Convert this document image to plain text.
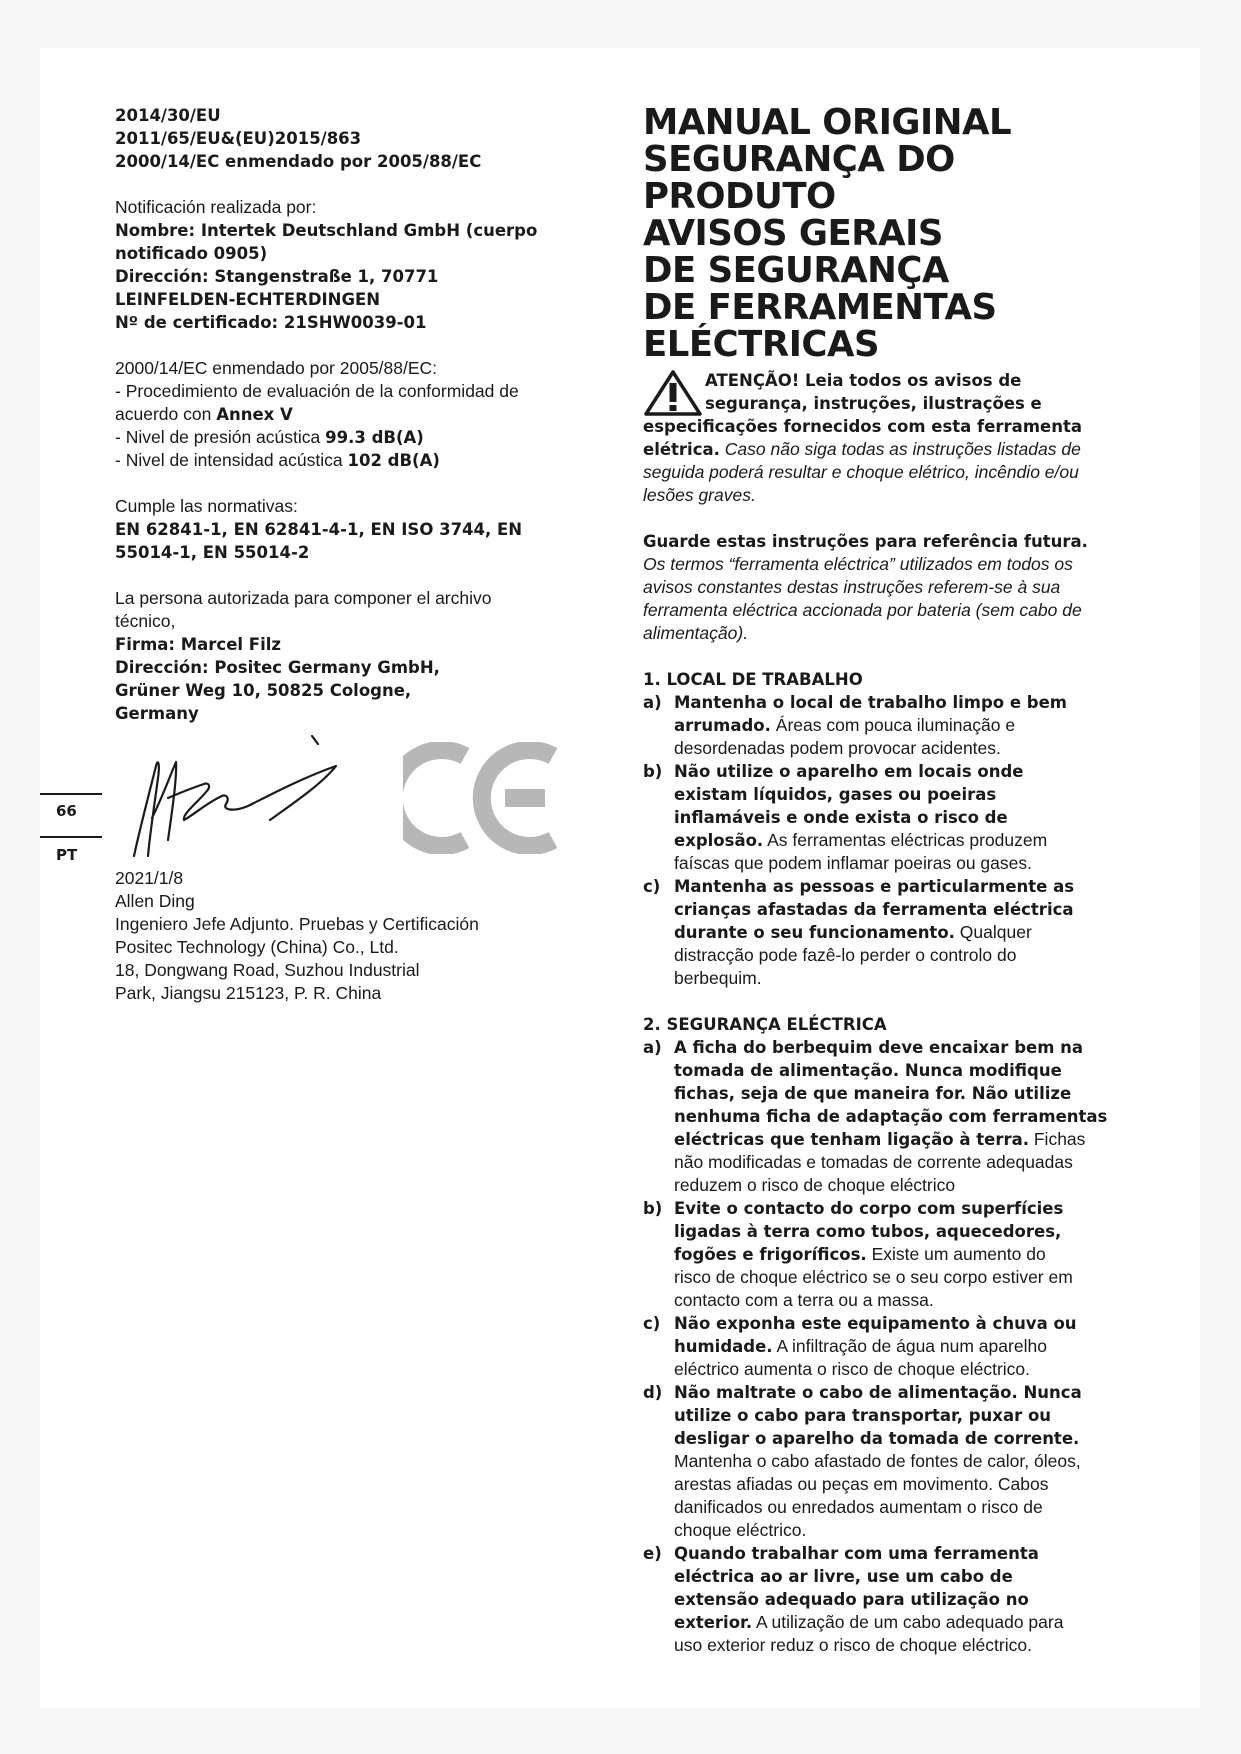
2014/30/EU

2011/65/EU&(EU)2015/863

2000/14/EC enmendado por 2005/88/EC

Notificación realizada por:

Nombre: Intertek Deutschland GmbH (cuerpo

notificado 0905)

Dirección: Stangenstraße 1, 70771

LEINFELDEN-ECHTERDINGEN

Nº de certificado: 21SHW0039-01

2000/14/EC enmendado por 2005/88/EC:

- Procedimiento de evaluación de la conformidad de

acuerdo con Annex V

- Nivel de presión acústica 99.3 dB(A)

- Nivel de intensidad acústica 102 dB(A)

Cumple las normativas:

EN 62841-1, EN 62841-4-1, EN ISO 3744, EN

55014-1, EN 55014-2

La persona autorizada para componer el archivo

técnico,

Firma: Marcel Filz

Dirección: Positec Germany GmbH,

Grüner Weg 10, 50825 Cologne,

Germany

66
PT

2021/1/8

Allen Ding

Ingeniero Jefe Adjunto. Pruebas y Certificación

Positec Technology (China) Co., Ltd.

18, Dongwang Road, Suzhou Industrial

Park, Jiangsu 215123, P. R. China

MANUAL ORIGINAL
SEGURANÇA DO
PRODUTO
AVISOS GERAIS
DE SEGURANÇA
DE FERRAMENTAS
ELÉCTRICAS

ATENÇÃO! Leia todos os avisos de

segurança, instruções, ilustrações e

especificações fornecidos com esta ferramenta

elétrica. Caso não siga todas as instruções listadas de

seguida poderá resultar e choque elétrico, incêndio e/ou

lesões graves.

Guarde estas instruções para referência futura.

Os termos “ferramenta eléctrica” utilizados em todos os

avisos constantes destas instruções referem-se à sua

ferramenta eléctrica accionada por bateria (sem cabo de

alimentação).

1. LOCAL DE TRABALHO

a) Mantenha o local de trabalho limpo e bem

arrumado. Áreas com pouca iluminação e

desordenadas podem provocar acidentes.

b) Não utilize o aparelho em locais onde

existam líquidos, gases ou poeiras

inflamáveis e onde exista o risco de

explosão. As ferramentas eléctricas produzem

faíscas que podem inflamar poeiras ou gases.

c) Mantenha as pessoas e particularmente as

crianças afastadas da ferramenta eléctrica

durante o seu funcionamento. Qualquer

distracção pode fazê-lo perder o controlo do

berbequim.

2. SEGURANÇA ELÉCTRICA

a) A ficha do berbequim deve encaixar bem na

tomada de alimentação. Nunca modifique

fichas, seja de que maneira for. Não utilize

nenhuma ficha de adaptação com ferramentas

eléctricas que tenham ligação à terra. Fichas

não modificadas e tomadas de corrente adequadas

reduzem o risco de choque eléctrico

b) Evite o contacto do corpo com superfícies

ligadas à terra como tubos, aquecedores,

fogões e frigoríficos. Existe um aumento do

risco de choque eléctrico se o seu corpo estiver em

contacto com a terra ou a massa.

c) Não exponha este equipamento à chuva ou

humidade. A infiltração de água num aparelho

eléctrico aumenta o risco de choque eléctrico.

d) Não maltrate o cabo de alimentação. Nunca

utilize o cabo para transportar, puxar ou

desligar o aparelho da tomada de corrente.

Mantenha o cabo afastado de fontes de calor, óleos,

arestas afiadas ou peças em movimento. Cabos

danificados ou enredados aumentam o risco de

choque eléctrico.

e) Quando trabalhar com uma ferramenta

eléctrica ao ar livre, use um cabo de

extensão adequado para utilização no

exterior. A utilização de um cabo adequado para

uso exterior reduz o risco de choque eléctrico.
